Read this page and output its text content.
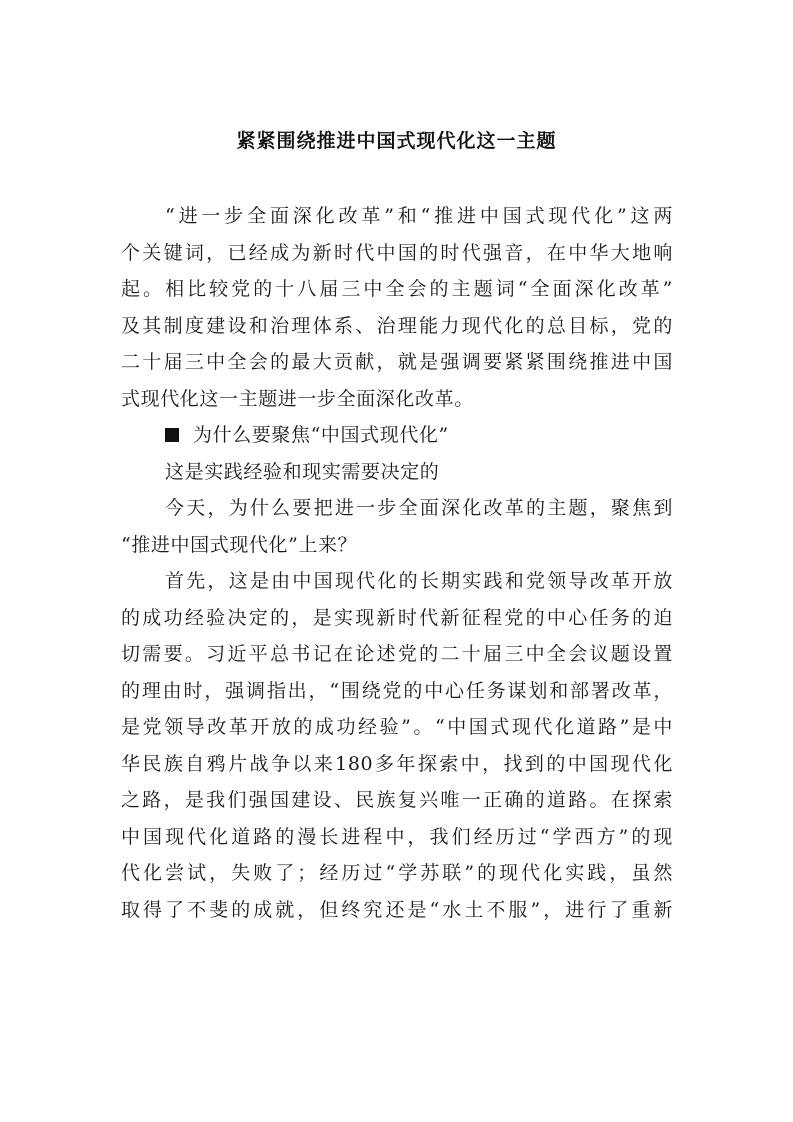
紧紧围绕推进中国式现代化这一主题
“进一步全面深化改革”和“推进中国式现代化”这两
个关键词，已经成为新时代中国的时代强音，在中华大地响
起。相比较党的十八届三中全会的主题词“全面深化改革”
及其制度建设和治理体系、治理能力现代化的总目标，党的
二十届三中全会的最大贡献，就是强调要紧紧围绕推进中国
式现代化这一主题进一步全面深化改革。
为什么要聚焦“中国式现代化”
这是实践经验和现实需要决定的
今天，为什么要把进一步全面深化改革的主题，聚焦到
“推进中国式现代化”上来？
首先，这是由中国现代化的长期实践和党领导改革开放
的成功经验决定的，是实现新时代新征程党的中心任务的迫
切需要。习近平总书记在论述党的二十届三中全会议题设置
的理由时，强调指出，“围绕党的中心任务谋划和部署改革，
是党领导改革开放的成功经验”。“中国式现代化道路”是中
华民族自鸦片战争以来180多年探索中，找到的中国现代化
之路，是我们强国建设、民族复兴唯一正确的道路。在探索
中国现代化道路的漫长进程中，我们经历过“学西方”的现
代化尝试，失败了；经历过“学苏联”的现代化实践，虽然
取得了不斐的成就，但终究还是“水土不服”，进行了重新
